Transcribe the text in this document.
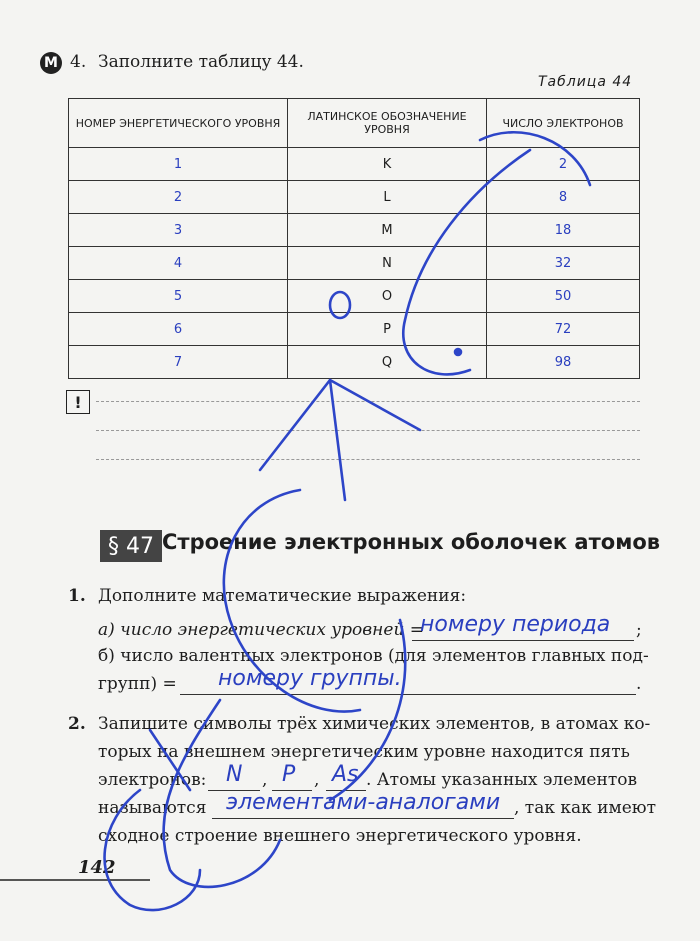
М 4. Заполните таблицу 44.
Таблица 44
НОМЕР ЭНЕРГЕТИЧЕСКОГО УРОВНЯ	ЛАТИНСКОЕ ОБОЗНАЧЕНИЕ УРОВНЯ	ЧИСЛО ЭЛЕКТРОНОВ
1	K	2
2	L	8
3	M	18
4	N	32
5	O	50
6	P	72
7	Q	98
!
§ 47 Строение электронных оболочек атомов
1. Дополните математические выражения:
а) число энергетических уровней =
номеру периода ;
б) число валентных электронов (для элементов главных под-
групп) = номеру группы.	.
2. Запишите символы трёх химических элементов, в атомах ко-
торых на внешнем энергетическим уровне находится пять
электронов: N , P , As . Атомы указанных элементов
называются элементами-аналогами , так как имеют
сходное строение внешнего энергетического уровня.
142
